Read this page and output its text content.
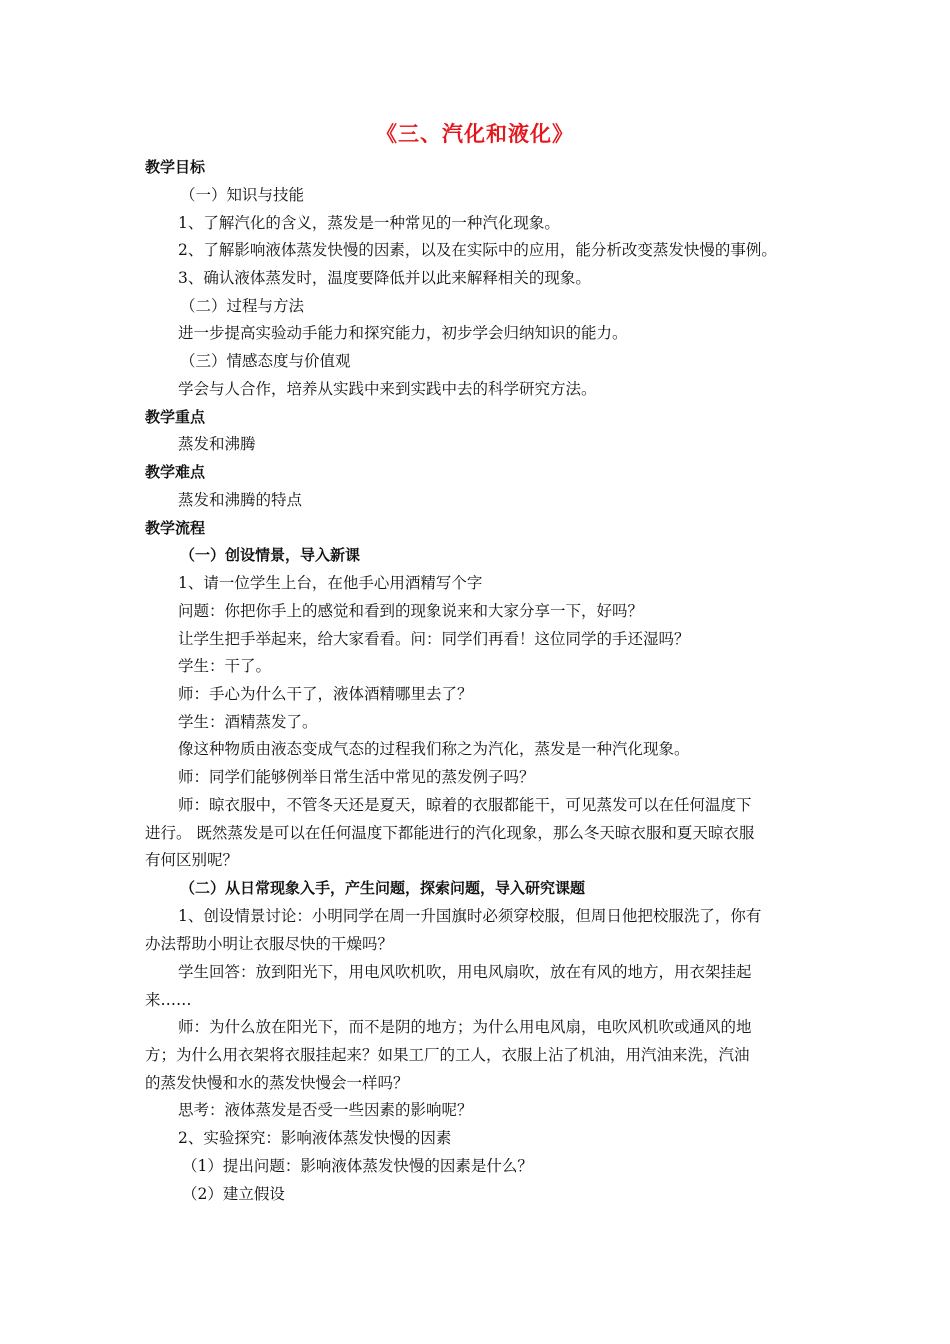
《三、汽化和液化》
教学目标
（一）知识与技能
1、了解汽化的含义，蒸发是一种常见的一种汽化现象。
2、了解影响液体蒸发快慢的因素，以及在实际中的应用，能分析改变蒸发快慢的事例。
3、确认液体蒸发时，温度要降低并以此来解释相关的现象。
（二）过程与方法
进一步提高实验动手能力和探究能力，初步学会归纳知识的能力。
（三）情感态度与价值观
学会与人合作，培养从实践中来到实践中去的科学研究方法。
教学重点
蒸发和沸腾
教学难点
蒸发和沸腾的特点
教学流程
（一）创设情景，导入新课
1、请一位学生上台，在他手心用酒精写个字
问题：你把你手上的感觉和看到的现象说来和大家分享一下，好吗？
让学生把手举起来，给大家看看。问：同学们再看！这位同学的手还湿吗？
学生：干了。
师：手心为什么干了，液体酒精哪里去了？
学生：酒精蒸发了。
像这种物质由液态变成气态的过程我们称之为汽化，蒸发是一种汽化现象。
师：同学们能够例举日常生活中常见的蒸发例子吗？
师：晾衣服中，不管冬天还是夏天，晾着的衣服都能干，可见蒸发可以在任何温度下
进行。 既然蒸发是可以在任何温度下都能进行的汽化现象，那么冬天晾衣服和夏天晾衣服
有何区别呢？
（二）从日常现象入手，产生问题，探索问题，导入研究课题
1、创设情景讨论：小明同学在周一升国旗时必须穿校服，但周日他把校服洗了，你有
办法帮助小明让衣服尽快的干燥吗？
学生回答：放到阳光下，用电风吹机吹，用电风扇吹，放在有风的地方，用衣架挂起
来……
师：为什么放在阳光下，而不是阴的地方；为什么用电风扇，电吹风机吹或通风的地
方；为什么用衣架将衣服挂起来？如果工厂的工人，衣服上沾了机油，用汽油来洗，汽油
的蒸发快慢和水的蒸发快慢会一样吗？
思考：液体蒸发是否受一些因素的影响呢？
2、实验探究：影响液体蒸发快慢的因素
（1）提出问题：影响液体蒸发快慢的因素是什么？
（2）建立假设
